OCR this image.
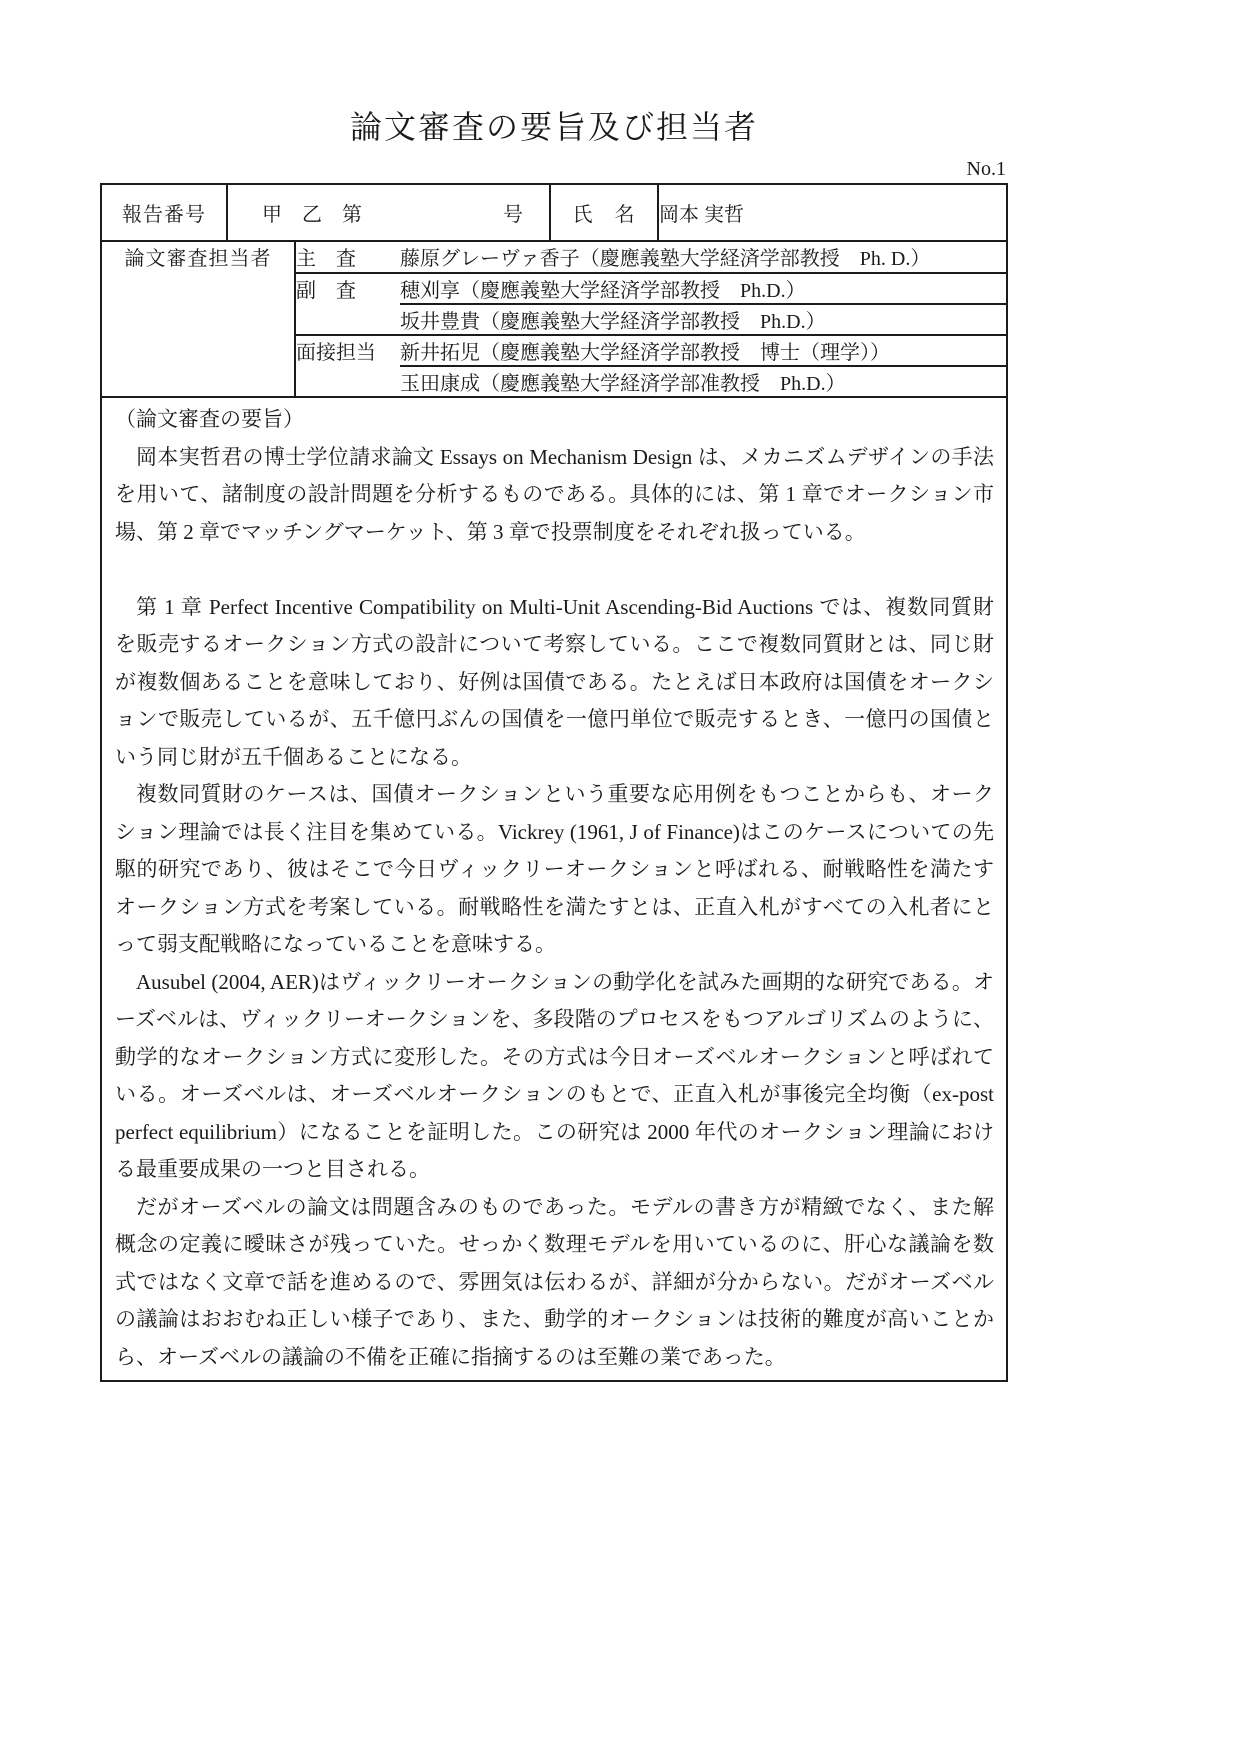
論文審査の要旨及び担当者
No.1
報告番号	甲　乙　第	号	氏　名	岡本 実哲
論文審査担当者	主　査	藤原グレーヴァ香子（慶應義塾大学経済学部教授　Ph. D.）
	副　査	穂刈享（慶應義塾大学経済学部教授　Ph.D.）
		坂井豊貴（慶應義塾大学経済学部教授　Ph.D.）
	面接担当	新井拓児（慶應義塾大学経済学部教授　博士（理学））
		玉田康成（慶應義塾大学経済学部准教授　Ph.D.）

（論文審査の要旨）

岡本実哲君の博士学位請求論文 Essays on Mechanism Design は、メカニズムデザインの手法を用いて、諸制度の設計問題を分析するものである。具体的には、第 1 章でオークション市場、第 2 章でマッチングマーケット、第 3 章で投票制度をそれぞれ扱っている。

第 1 章 Perfect Incentive Compatibility on Multi-Unit Ascending-Bid Auctions では、複数同質財を販売するオークション方式の設計について考察している。ここで複数同質財とは、同じ財が複数個あることを意味しており、好例は国債である。たとえば日本政府は国債をオークションで販売しているが、五千億円ぶんの国債を一億円単位で販売するとき、一億円の国債という同じ財が五千個あることになる。

複数同質財のケースは、国債オークションという重要な応用例をもつことからも、オークション理論では長く注目を集めている。Vickrey (1961, J of Finance)はこのケースについての先駆的研究であり、彼はそこで今日ヴィックリーオークションと呼ばれる、耐戦略性を満たすオークション方式を考案している。耐戦略性を満たすとは、正直入札がすべての入札者にとって弱支配戦略になっていることを意味する。

Ausubel (2004, AER)はヴィックリーオークションの動学化を試みた画期的な研究である。オーズベルは、ヴィックリーオークションを、多段階のプロセスをもつアルゴリズムのように、動学的なオークション方式に変形した。その方式は今日オーズベルオークションと呼ばれている。オーズベルは、オーズベルオークションのもとで、正直入札が事後完全均衡（ex-post perfect equilibrium）になることを証明した。この研究は 2000 年代のオークション理論における最重要成果の一つと目される。

だがオーズベルの論文は問題含みのものであった。モデルの書き方が精緻でなく、また解概念の定義に曖昧さが残っていた。せっかく数理モデルを用いているのに、肝心な議論を数式ではなく文章で話を進めるので、雰囲気は伝わるが、詳細が分からない。だがオーズベルの議論はおおむね正しい様子であり、また、動学的オークションは技術的難度が高いことから、オーズベルの議論の不備を正確に指摘するのは至難の業であった。
